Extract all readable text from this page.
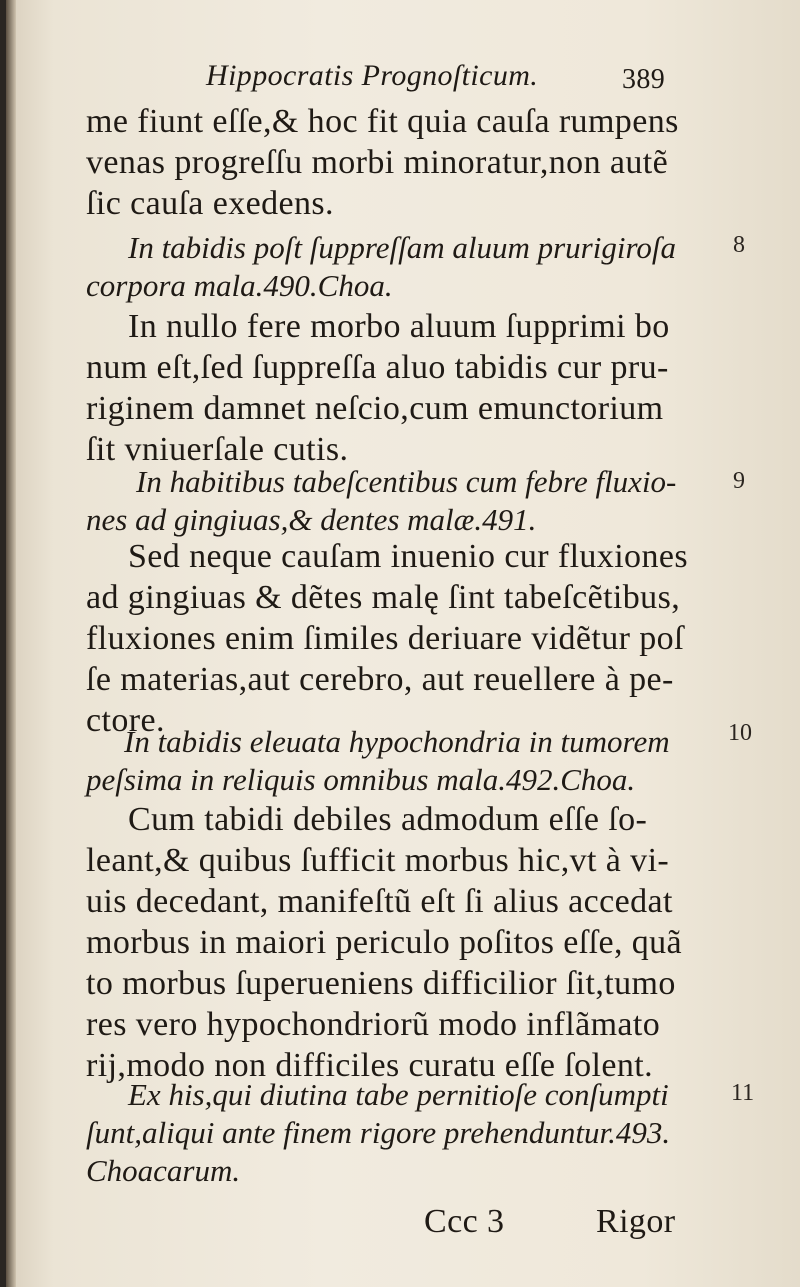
Hippocratis Prognoſticum.	389

me fiunt eſſe,& hoc fit quia cauſa rumpens

venas progreſſu morbi minoratur,non autẽ

ſic cauſa exedens.

8

In tabidis poſt ſuppreſſam aluum prurigiroſa

corpora mala.490.Choa.

In nullo fere morbo aluum ſupprimi bo

num eſt,ſed ſuppreſſa aluo tabidis cur pru-

riginem damnet neſcio,cum emunctorium

ſit vniuerſale cutis.

9

In habitibus tabeſcentibus cum febre fluxio-

nes ad gingiuas,& dentes malæ.491.

Sed neque cauſam inuenio cur fluxiones

ad gingiuas & dẽtes malę ſint tabeſcẽtibus,

fluxiones enim ſimiles deriuare vidẽtur poſ

ſe materias,aut cerebro, aut reuellere à pe-

ctore.	10

In tabidis eleuata hypochondria in tumorem

peſsima in reliquis omnibus mala.492.Choa.

Cum tabidi debiles admodum eſſe ſo-

leant,& quibus ſufficit morbus hic,vt à vi-

uis decedant, manifeſtũ eſt ſi alius accedat

morbus in maiori periculo poſitos eſſe, quã

to morbus ſuperueniens difficilior ſit,tumo

res vero hypochondriorũ modo inflãmato

rij,modo non difficiles curatu eſſe ſolent.

11

Ex his,qui diutina tabe pernitioſe conſumpti

ſunt,aliqui ante finem rigore prehenduntur.493.

Choacarum.

Ccc 3	Rigor
